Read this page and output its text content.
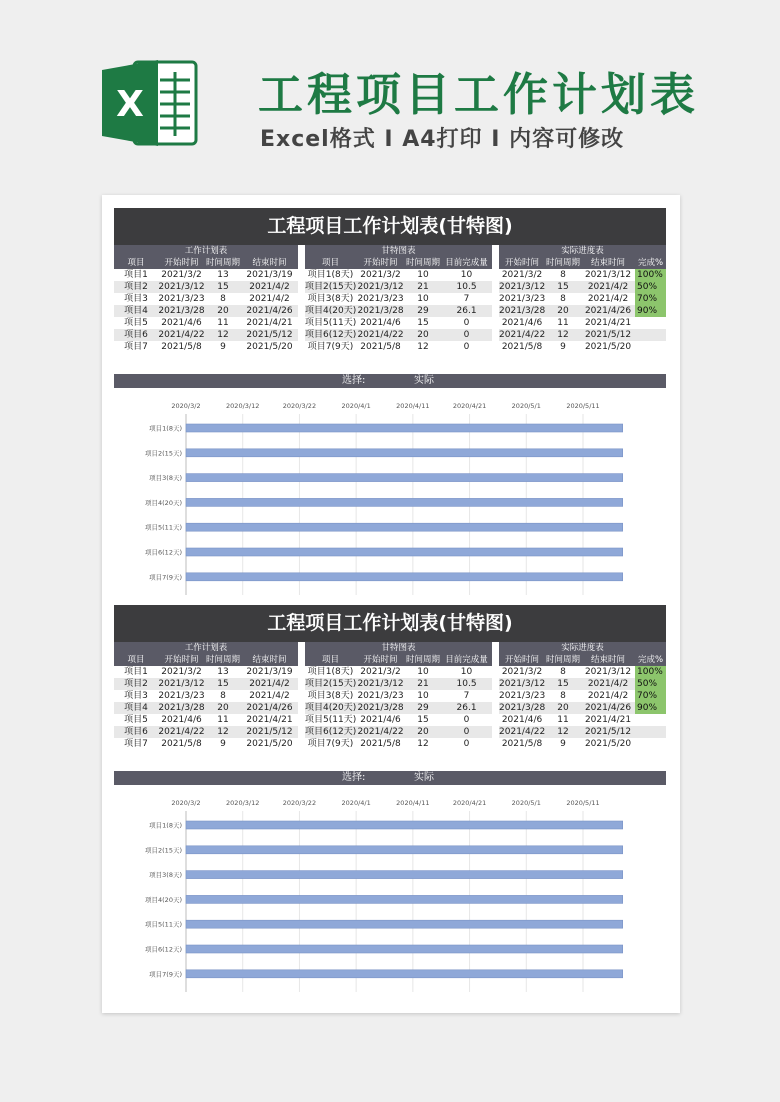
X	工程项目工作计划表
Excel格式 I A4打印 I 内容可修改
工程项目工作计划表(甘特图)
工作计划表					甘特图表					实际进度表			
项目	开始时间	时间周期	结束时间		项目	开始时间	时间周期	目前完成量		开始时间	时间周期	结束时间	完成%
项目1	2021/3/2	13	2021/3/19		项目1(8天)	2021/3/2	10	10		2021/3/2	8	2021/3/12	100%
项目2	2021/3/12	15	2021/4/2		项目2(15天)	2021/3/12	21	10.5		2021/3/12	15	2021/4/2	50%
项目3	2021/3/23	8	2021/4/2		项目3(8天)	2021/3/23	10	7		2021/3/23	8	2021/4/2	70%
项目4	2021/3/28	20	2021/4/26		项目4(20天)	2021/3/28	29	26.1		2021/3/28	20	2021/4/26	90%
项目5	2021/4/6	11	2021/4/21		项目5(11天)	2021/4/6	15	0		2021/4/6	11	2021/4/21	
项目6	2021/4/22	12	2021/5/12		项目6(12天)	2021/4/22	20	0		2021/4/22	12	2021/5/12	
项目7	2021/5/8	9	2021/5/20		项目7(9天)	2021/5/8	12	0		2021/5/8	9	2021/5/20	
选择:	实际
2020/3/2	2020/3/12	2020/3/22	2020/4/1	2020/4/11	2020/4/21	2020/5/1	2020/5/11
项目1(8天)
项目2(15天)
项目3(8天)
项目4(20天)
项目5(11天)
项目6(12天)
项目7(9天)
工程项目工作计划表(甘特图)
工作计划表					甘特图表					实际进度表			
项目	开始时间	时间周期	结束时间		项目	开始时间	时间周期	目前完成量		开始时间	时间周期	结束时间	完成%
项目1	2021/3/2	13	2021/3/19		项目1(8天)	2021/3/2	10	10		2021/3/2	8	2021/3/12	100%
项目2	2021/3/12	15	2021/4/2		项目2(15天)	2021/3/12	21	10.5		2021/3/12	15	2021/4/2	50%
项目3	2021/3/23	8	2021/4/2		项目3(8天)	2021/3/23	10	7		2021/3/23	8	2021/4/2	70%
项目4	2021/3/28	20	2021/4/26		项目4(20天)	2021/3/28	29	26.1		2021/3/28	20	2021/4/26	90%
项目5	2021/4/6	11	2021/4/21		项目5(11天)	2021/4/6	15	0		2021/4/6	11	2021/4/21	
项目6	2021/4/22	12	2021/5/12		项目6(12天)	2021/4/22	20	0		2021/4/22	12	2021/5/12	
项目7	2021/5/8	9	2021/5/20		项目7(9天)	2021/5/8	12	0		2021/5/8	9	2021/5/20	
选择:	实际
2020/3/2	2020/3/12	2020/3/22	2020/4/1	2020/4/11	2020/4/21	2020/5/1	2020/5/11
项目1(8天)
项目2(15天)
项目3(8天)
项目4(20天)
项目5(11天)
项目6(12天)
项目7(9天)
